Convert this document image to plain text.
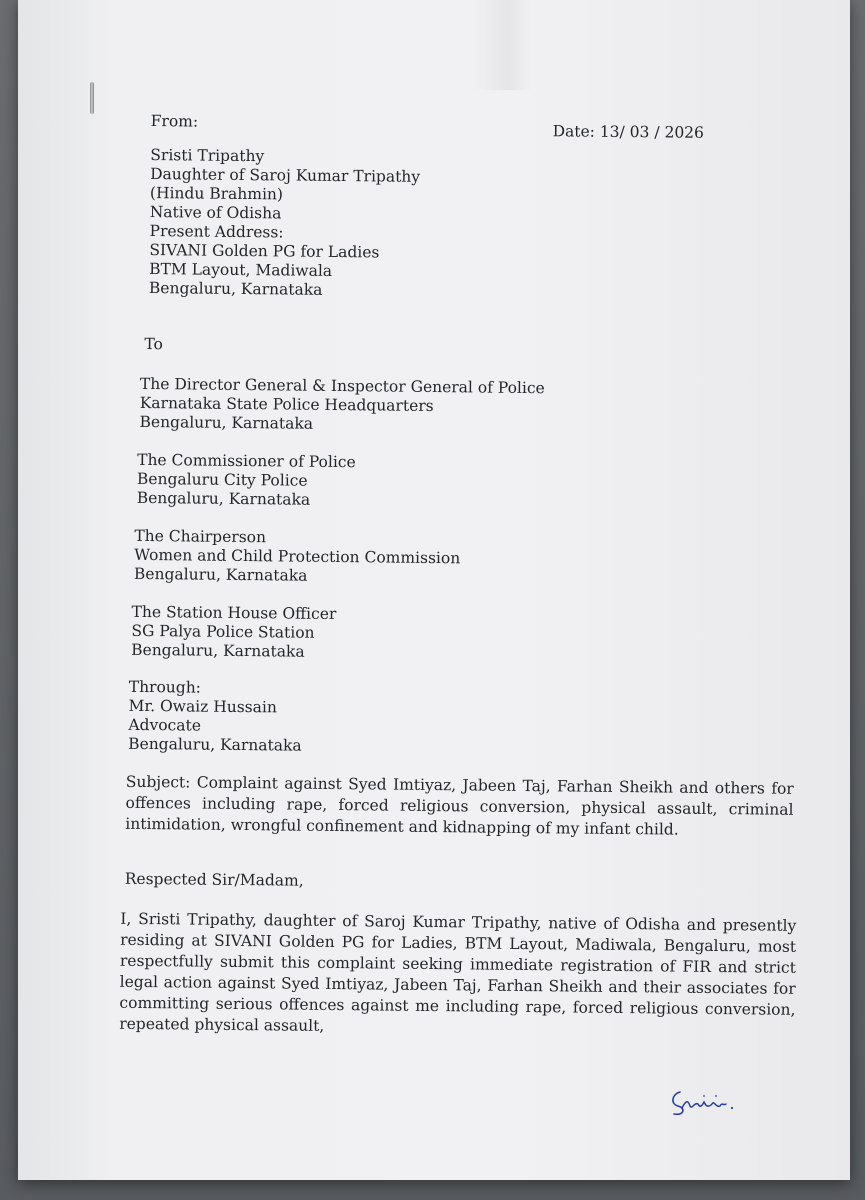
From:
Date: 13/ 03 / 2026
Sristi Tripathy
Daughter of Saroj Kumar Tripathy
(Hindu Brahmin)
Native of Odisha
Present Address:
SIVANI Golden PG for Ladies
BTM Layout, Madiwala
Bengaluru, Karnataka
To
The Director General & Inspector General of Police
Karnataka State Police Headquarters
Bengaluru, Karnataka
The Commissioner of Police
Bengaluru City Police
Bengaluru, Karnataka
The Chairperson
Women and Child Protection Commission
Bengaluru, Karnataka
The Station House Officer
SG Palya Police Station
Bengaluru, Karnataka
Through:
Mr. Owaiz Hussain
Advocate
Bengaluru, Karnataka
Subject: Complaint against Syed Imtiyaz, Jabeen Taj, Farhan Sheikh and others for offences including rape, forced religious conversion, physical assault, criminal intimidation, wrongful confinement and kidnapping of my infant child.
Respected Sir/Madam,
I, Sristi Tripathy, daughter of Saroj Kumar Tripathy, native of Odisha and presently residing at SIVANI Golden PG for Ladies, BTM Layout, Madiwala, Bengaluru, most respectfully submit this complaint seeking immediate registration of FIR and strict legal action against Syed Imtiyaz, Jabeen Taj, Farhan Sheikh and their associates for committing serious offences against me including rape, forced religious conversion, repeated physical assault,
